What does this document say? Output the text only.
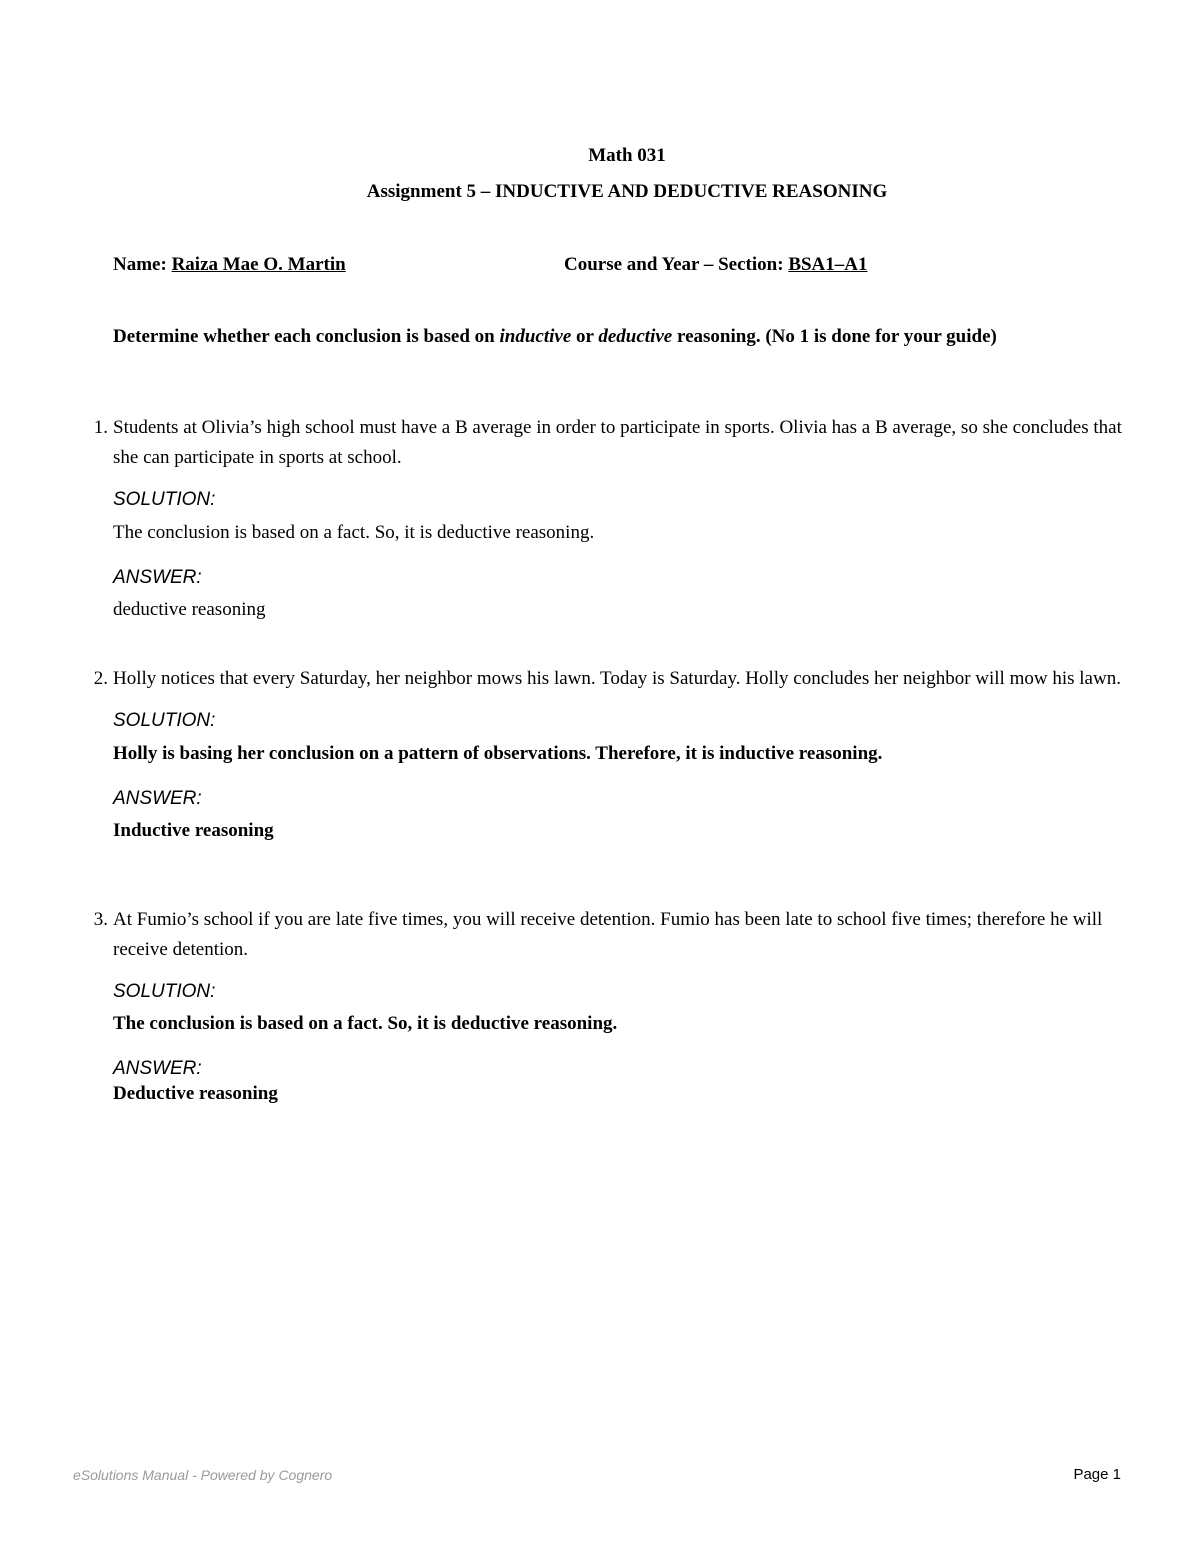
Math 031

Assignment 5 – INDUCTIVE AND DEDUCTIVE REASONING

Name: Raiza Mae O. Martin	Course and Year – Section: BSA1–A1

Determine whether each conclusion is based on inductive or deductive reasoning. (No 1 is done for your guide)

1. Students at Olivia’s high school must have a B average in order to participate in sports. Olivia has a B average, so she concludes that she can participate in sports at school.

SOLUTION:

The conclusion is based on a fact. So, it is deductive reasoning.

ANSWER:

deductive reasoning

2. Holly notices that every Saturday, her neighbor mows his lawn. Today is Saturday. Holly concludes her neighbor will mow his lawn.

SOLUTION:

Holly is basing her conclusion on a pattern of observations. Therefore, it is inductive reasoning.

ANSWER:

Inductive reasoning

3. At Fumio’s school if you are late five times, you will receive detention. Fumio has been late to school five times; therefore he will receive detention.

SOLUTION:

The conclusion is based on a fact. So, it is deductive reasoning.

ANSWER:

Deductive reasoning

eSolutions Manual - Powered by Cognero	Page 1
